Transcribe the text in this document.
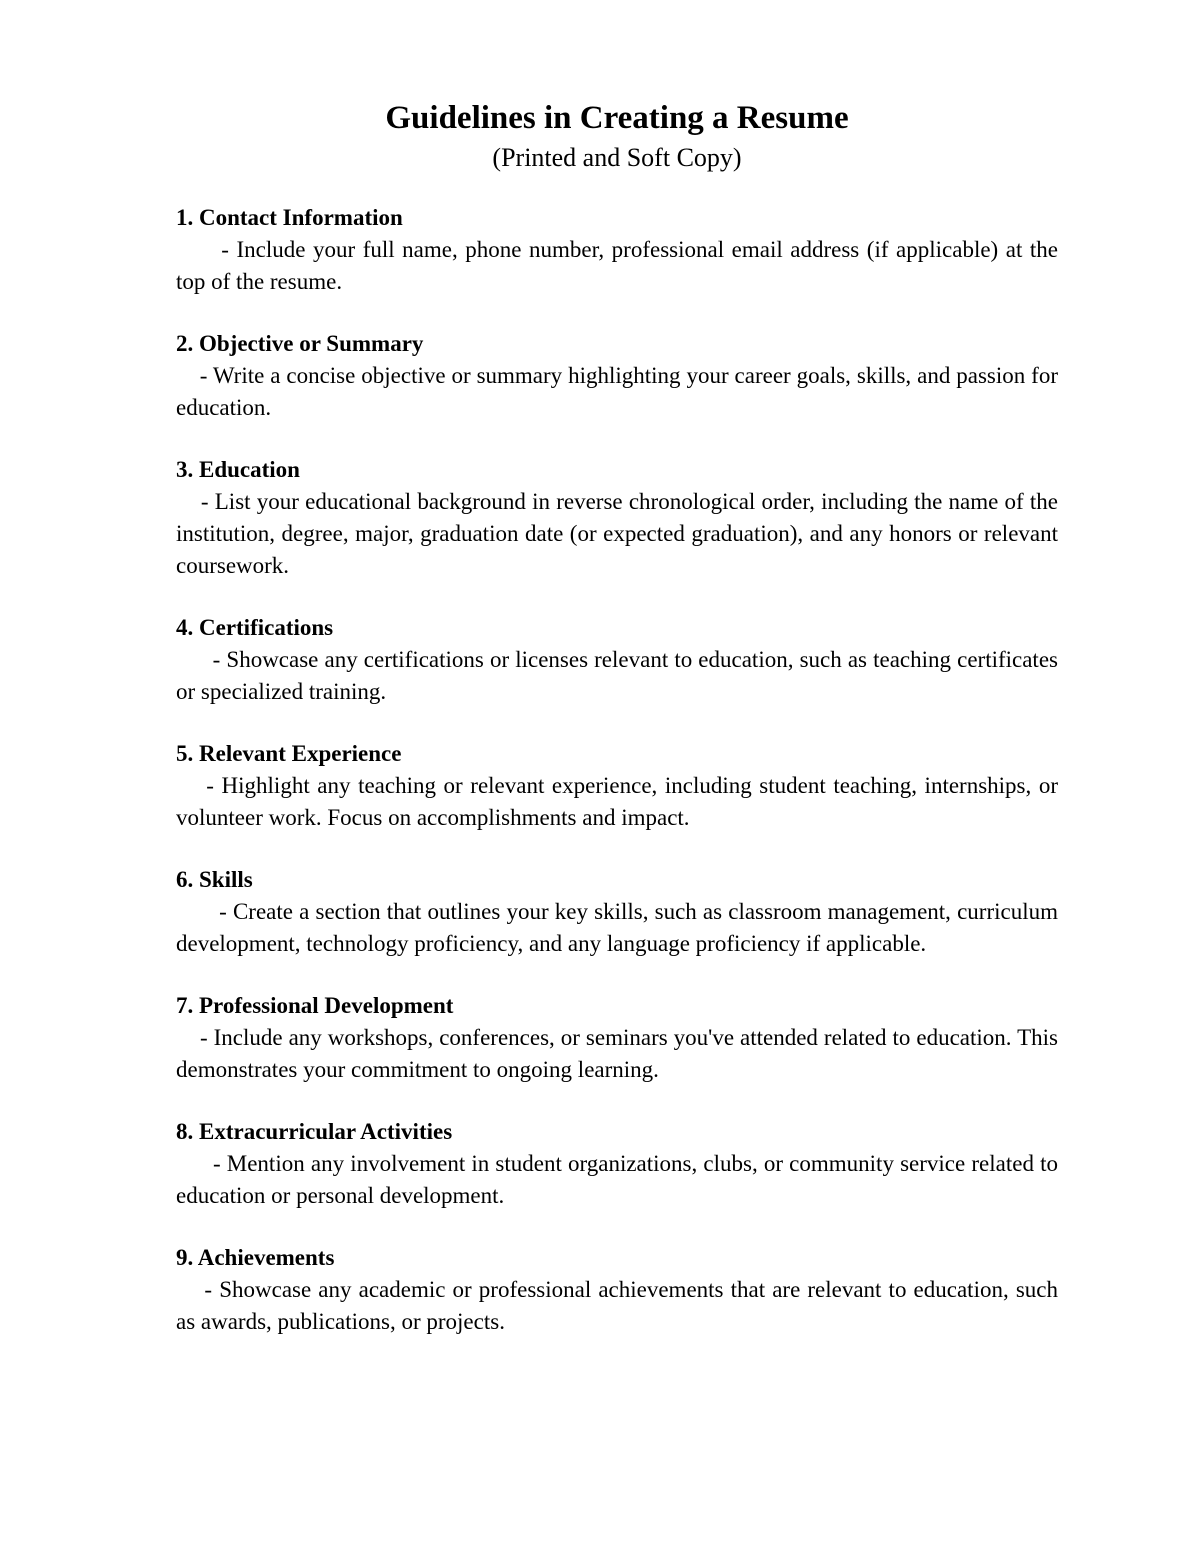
Guidelines in Creating a Resume

(Printed and Soft Copy)

1. Contact Information

- Include your full name, phone number, professional email address (if applicable) at the top of the resume.

2. Objective or Summary

- Write a concise objective or summary highlighting your career goals, skills, and passion for education.

3. Education

- List your educational background in reverse chronological order, including the name of the institution, degree, major, graduation date (or expected graduation), and any honors or relevant coursework.

4. Certifications

- Showcase any certifications or licenses relevant to education, such as teaching certificates or specialized training.

5. Relevant Experience

- Highlight any teaching or relevant experience, including student teaching, internships, or volunteer work. Focus on accomplishments and impact.

6. Skills

- Create a section that outlines your key skills, such as classroom management, curriculum development, technology proficiency, and any language proficiency if applicable.

7. Professional Development

- Include any workshops, conferences, or seminars you've attended related to education. This demonstrates your commitment to ongoing learning.

8. Extracurricular Activities

- Mention any involvement in student organizations, clubs, or community service related to education or personal development.

9. Achievements

- Showcase any academic or professional achievements that are relevant to education, such as awards, publications, or projects.
